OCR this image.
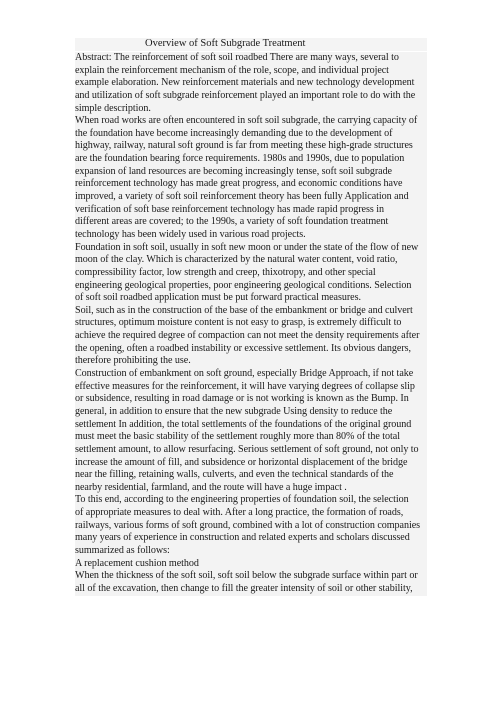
Overview of Soft Subgrade Treatment
Abstract: The reinforcement of soft soil roadbed There are many ways, several to
explain the reinforcement mechanism of the role, scope, and individual project
example elaboration. New reinforcement materials and new technology development
and utilization of soft subgrade reinforcement played an important role to do with the
simple description.
When road works are often encountered in soft soil subgrade, the carrying capacity of
the foundation have become increasingly demanding due to the development of
highway, railway, natural soft ground is far from meeting these high-grade structures
are the foundation bearing force requirements. 1980s and 1990s, due to population
expansion of land resources are becoming increasingly tense, soft soil subgrade
reinforcement technology has made great progress, and economic conditions have
improved, a variety of soft soil reinforcement theory has been fully Application and
verification of soft base reinforcement technology has made rapid progress in
different areas are covered; to the 1990s, a variety of soft foundation treatment
technology has been widely used in various road projects.
Foundation in soft soil, usually in soft new moon or under the state of the flow of new
moon of the clay. Which is characterized by the natural water content, void ratio,
compressibility factor, low strength and creep, thixotropy, and other special
engineering geological properties, poor engineering geological conditions. Selection
of soft soil roadbed application must be put forward practical measures.
Soil, such as in the construction of the base of the embankment or bridge and culvert
structures, optimum moisture content is not easy to grasp, is extremely difficult to
achieve the required degree of compaction can not meet the density requirements after
the opening, often a roadbed instability or excessive settlement. Its obvious dangers,
therefore prohibiting the use.
Construction of embankment on soft ground, especially Bridge Approach, if not take
effective measures for the reinforcement, it will have varying degrees of collapse slip
or subsidence, resulting in road damage or is not working is known as the Bump. In
general, in addition to ensure that the new subgrade Using density to reduce the
settlement In addition, the total settlements of the foundations of the original ground
must meet the basic stability of the settlement roughly more than 80% of the total
settlement amount, to allow resurfacing. Serious settlement of soft ground, not only to
increase the amount of fill, and subsidence or horizontal displacement of the bridge
near the filling, retaining walls, culverts, and even the technical standards of the
nearby residential, farmland, and the route will have a huge impact .
To this end, according to the engineering properties of foundation soil, the selection
of appropriate measures to deal with. After a long practice, the formation of roads,
railways, various forms of soft ground, combined with a lot of construction companies
many years of experience in construction and related experts and scholars discussed
summarized as follows:
A replacement cushion method
When the thickness of the soft soil, soft soil below the subgrade surface within part or
all of the excavation, then change to fill the greater intensity of soil or other stability,
